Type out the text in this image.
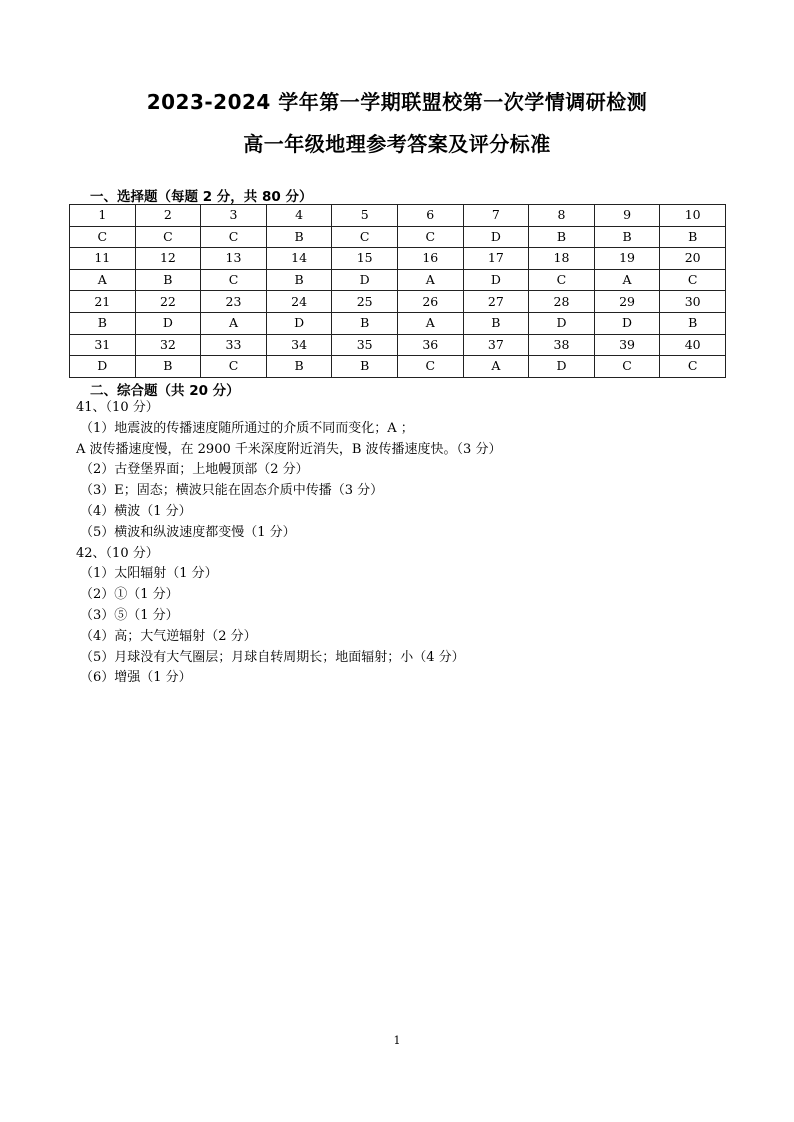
2023-2024 学年第一学期联盟校第一次学情调研检测
高一年级地理参考答案及评分标准
一、选择题（每题 2 分，共 80 分）
1	2	3	4	5	6	7	8	9	10
C	C	C	B	C	C	D	B	B	B
11	12	13	14	15	16	17	18	19	20
A	B	C	B	D	A	D	C	A	C
21	22	23	24	25	26	27	28	29	30
B	D	A	D	B	A	B	D	D	B
31	32	33	34	35	36	37	38	39	40
D	B	C	B	B	C	A	D	C	C
二、综合题（共 20 分）
41、（10 分）
（1）地震波的传播速度随所通过的介质不同而变化；A ；
A 波传播速度慢，在 2900 千米深度附近消失，B 波传播速度快。（3 分）
（2）古登堡界面；上地幔顶部（2 分）
（3）E；固态；横波只能在固态介质中传播（3 分）
（4）横波（1 分）
（5）横波和纵波速度都变慢（1 分）
42、（10 分）
（1）太阳辐射（1 分）
（2）①（1 分）
（3）⑤（1 分）
（4）高；大气逆辐射（2 分）
（5）月球没有大气圈层；月球自转周期长；地面辐射；小（4 分）
（6）增强（1 分）
1
